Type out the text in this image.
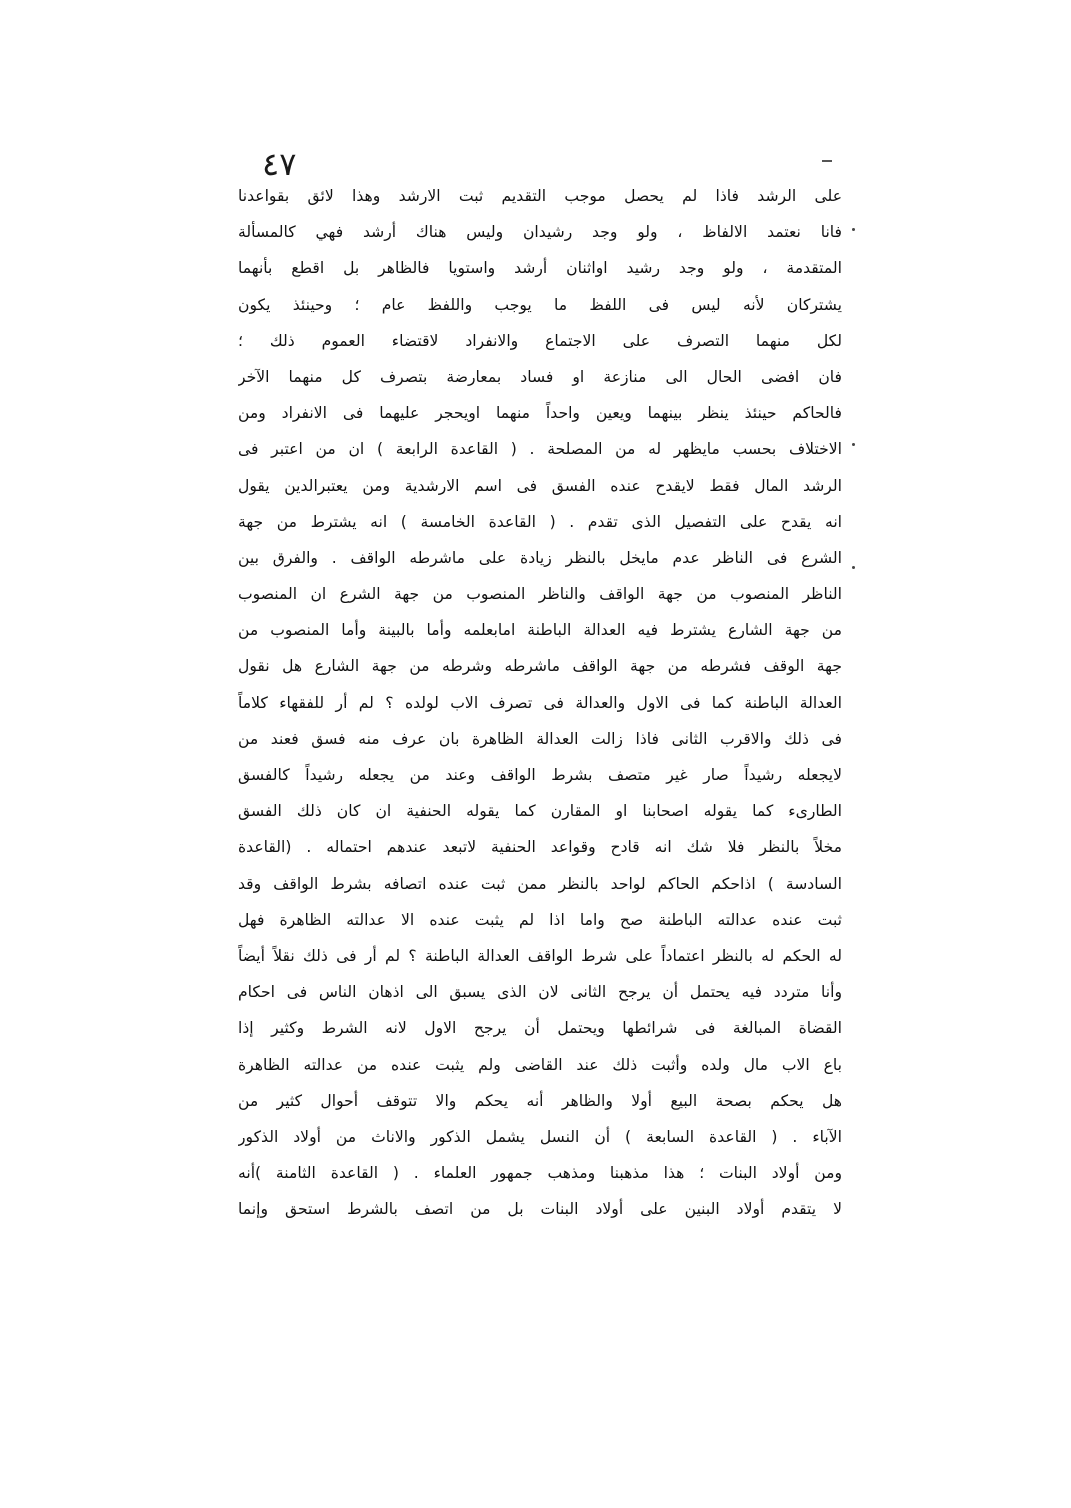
٤٧
على الرشد فاذا لم يحصل موجب التقديم ثبت الارشد وهذا لائق بقواعدنا
فانا نعتمد الالفاظ ، ولو وجد رشيدان وليس هناك أرشد فهي كالمسألة
المتقدمة ، ولو وجد رشيد اواثنان أرشد واستويا فالظاهر بل اقطع بأنهما
يشتركان لأنه ليس فى اللفظ ما يوجب واللفظ عام ؛ وحينئذ يكون
لكل منهما التصرف على الاجتماع والانفراد لاقتضاء العموم ذلك ؛
فان افضى الحال الى منازعة او فساد بمعارضة بتصرف كل منهما الآخر
فالحاكم حينئذ ينظر بينهما ويعين واحداً منهما اويحجر عليهما فى الانفراد ومن
الاختلاف بحسب مايظهر له من المصلحة . ( القاعدة الرابعة ) ان من اعتبر فى
الرشد المال فقط لايقدح عنده الفسق فى اسم الارشدية ومن يعتبرالدين يقول
انه يقدح على التفصيل الذى تقدم . ( القاعدة الخامسة ) انه يشترط من جهة
الشرع فى الناظر عدم مايخل بالنظر زيادة على ماشرطه الواقف . والفرق بين
الناظر المنصوب من جهة الواقف والناظر المنصوب من جهة الشرع ان المنصوب
من جهة الشارع يشترط فيه العدالة الباطنة امابعلمه وأما بالبينة وأما المنصوب من
جهة الوقف فشرطه من جهة الواقف ماشرطه وشرطه من جهة الشارع هل نقول
العدالة الباطنة كما فى الاول والعدالة فى تصرف الاب لولده ؟ لم أر للفقهاء كلاماً
فى ذلك والاقرب الثانى فاذا زالت العدالة الظاهرة بان عرف منه فسق فعند من
لايجعله رشيداً صار غير متصف بشرط الواقف وعند من يجعله رشيداً كالفسق
الطارىء كما يقوله اصحابنا او المقارن كما يقوله الحنفية ان كان ذلك الفسق
مخلاً بالنظر فلا شك انه قادح وقواعد الحنفية لاتبعد عندهم احتماله . (القاعدة
السادسة ) اذاحكم الحاكم لواحد بالنظر ممن ثبت عنده اتصافه بشرط الواقف وقد
ثبت عنده عدالته الباطنة صح واما اذا لم يثبت عنده الا عدالته الظاهرة فهل
له الحكم له بالنظر اعتماداً على شرط الواقف العدالة الباطنة ؟ لم أر فى ذلك نقلاً أيضاً
وأنا متردد فيه يحتمل أن يرجح الثانى لان الذى يسبق الى اذهان الناس فى احكام
القضاة المبالغة فى شرائطها ويحتمل أن يرجح الاول لانه الشرط وكثير إذا
باع الاب مال ولده وأثبت ذلك عند القاضى ولم يثبت عنده من عدالته الظاهرة
هل يحكم بصحة البيع أولا والظاهر أنه يحكم والا تتوقف أحوال كثير من
الآباء . ( القاعدة السابعة ) أن النسل يشمل الذكور والاناث من أولاد الذكور
ومن أولاد البنات ؛ هذا مذهبنا ومذهب جمهور العلماء . ( القاعدة الثامنة )أنه
لا يتقدم أولاد البنين على أولاد البنات بل من اتصف بالشرط استحق وإنما
